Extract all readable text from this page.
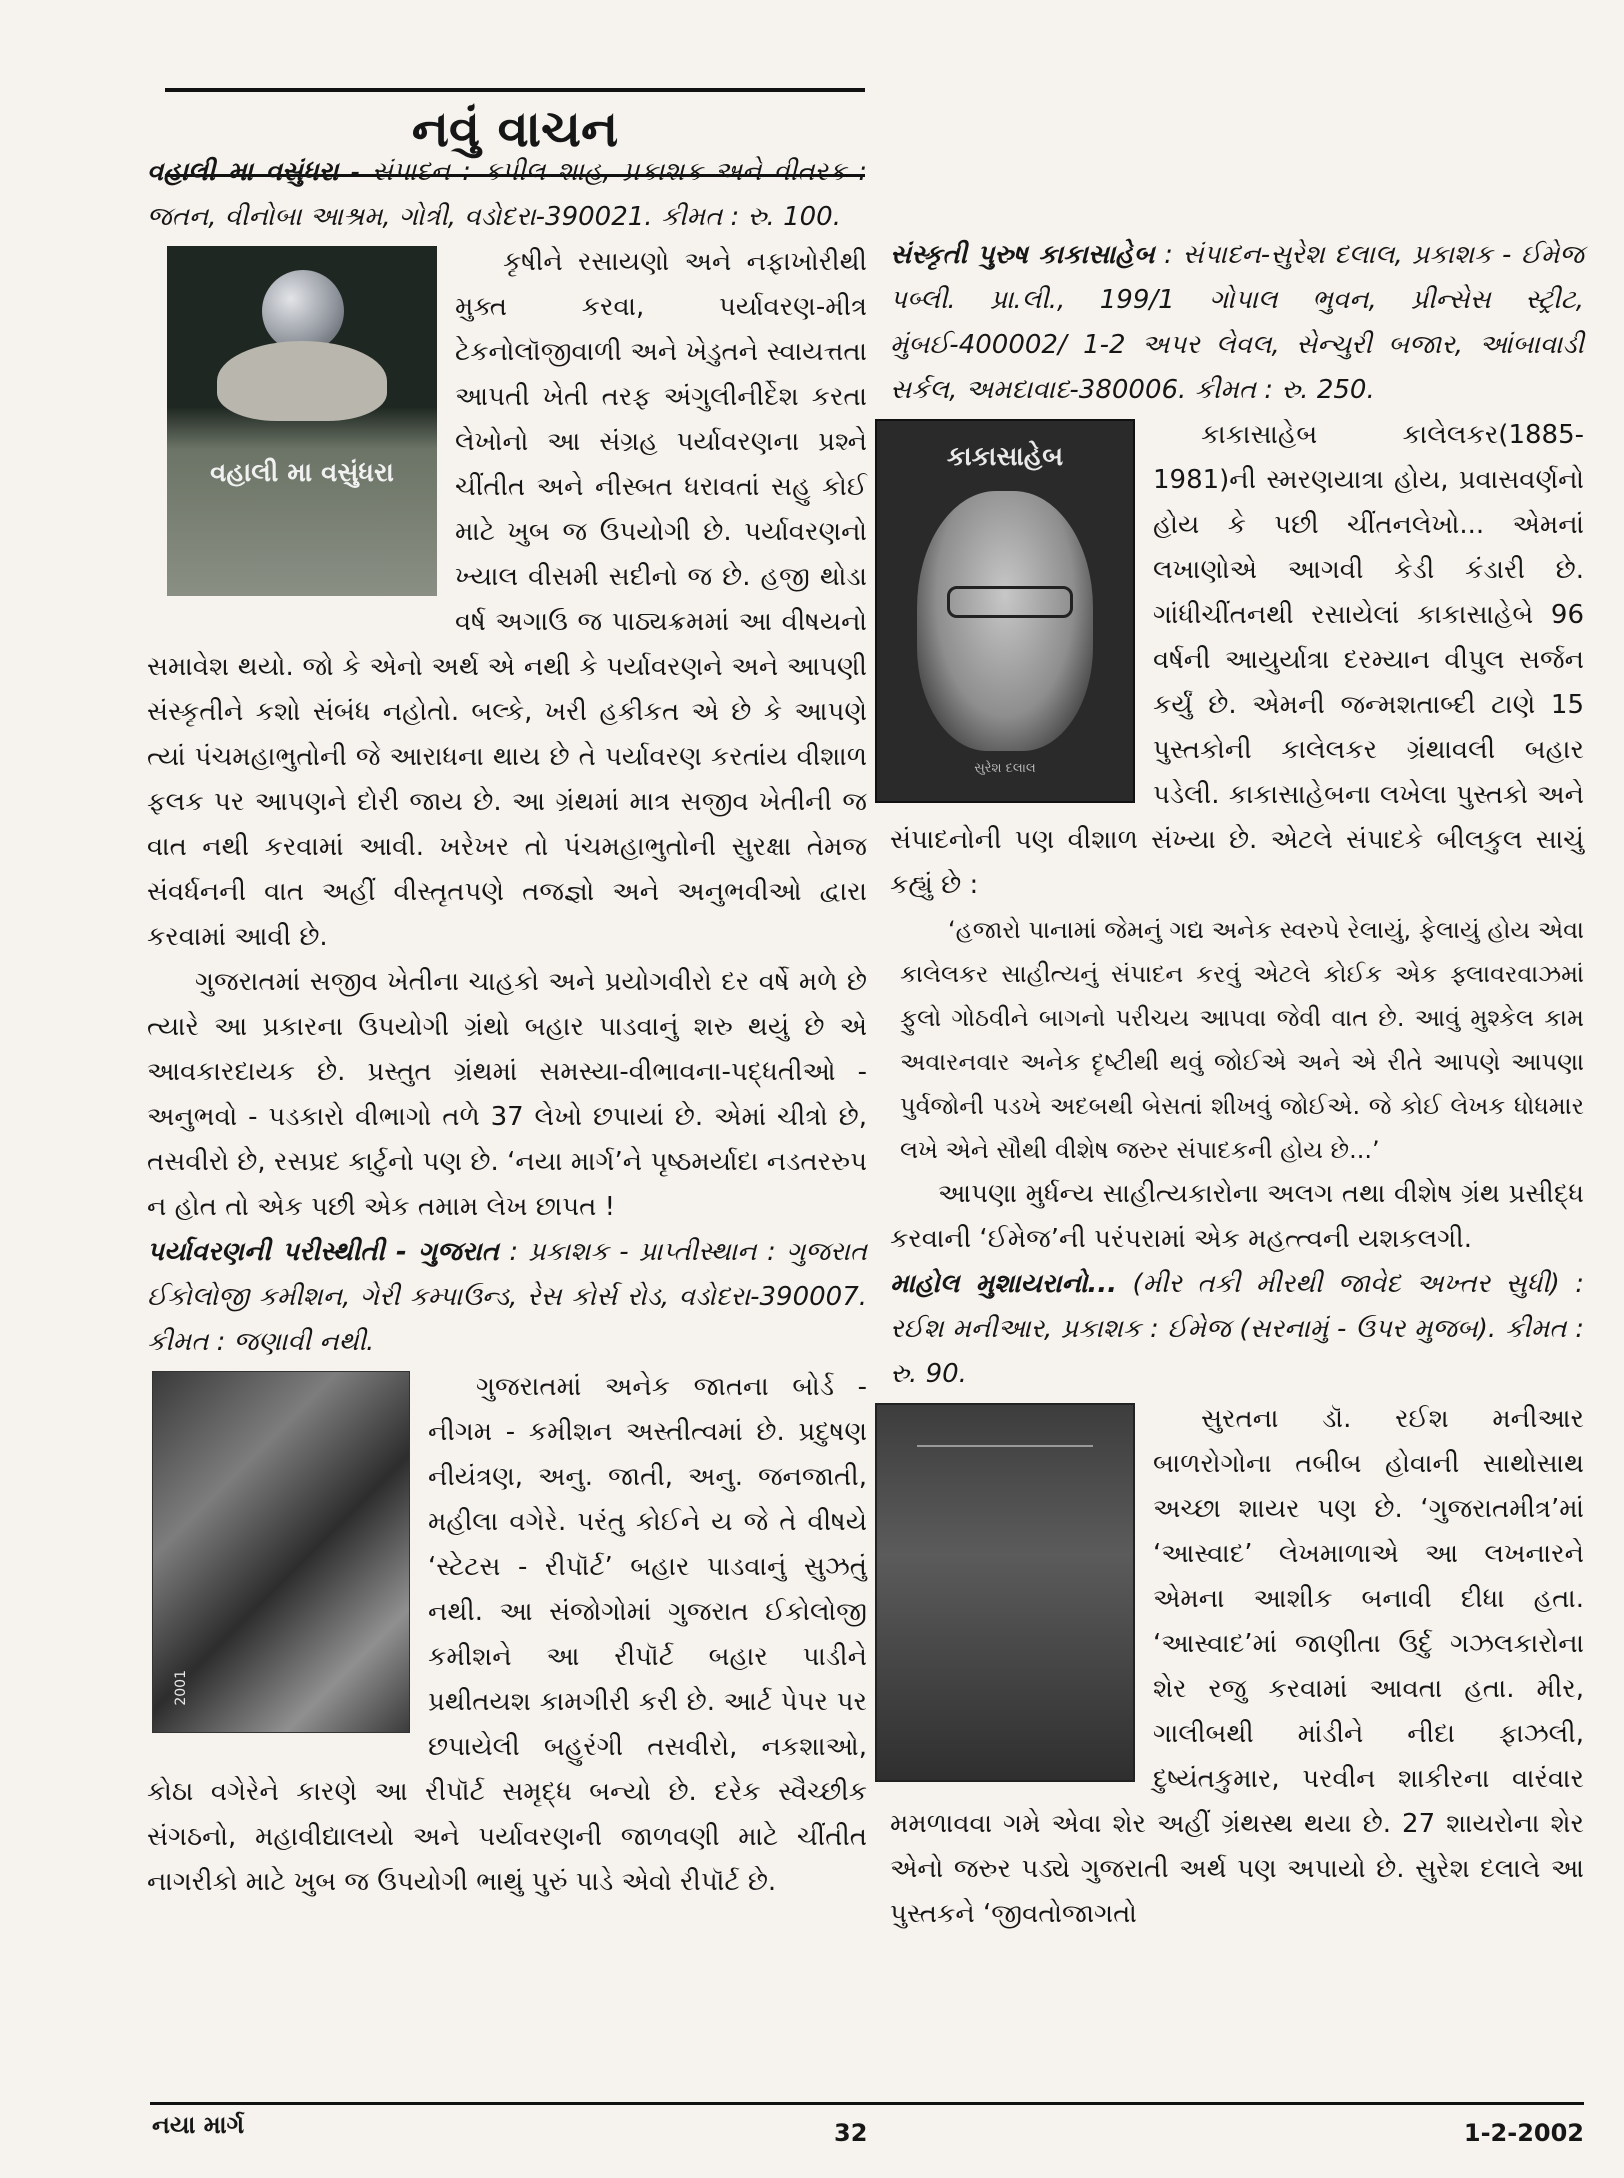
નવું વાચન

વહાલી મા વસુંધરા - સંપાદન : કપીલ શાહ, પ્રકાશક અને વીતરક : જતન, વીનોબા આશ્રમ, ગોત્રી, વડોદરા-390021. કીમત : રુ. 100.

વહાલી મા વસુંધરા

કૃષીને રસાયણો અને નફાખોરીથી મુક્ત કરવા, પર્યાવરણ-મીત્ર ટેકનોલૉજીવાળી અને ખેડુતને સ્વાયત્તતા આપતી ખેતી તરફ અંગુલીનીર્દેશ કરતા લેખોનો આ સંગ્રહ પર્યાવરણના પ્રશ્ને ચીંતીત અને નીસ્બત ધરાવતાં સહુ કોઈ માટે ખુબ જ ઉપયોગી છે. પર્યાવરણનો ખ્યાલ વીસમી સદીનો જ છે. હજી થોડા વર્ષ અગાઉ જ પાઠ્યક્રમમાં આ વીષયનો સમાવેશ થયો. જો કે એનો અર્થ એ નથી કે પર્યાવરણને અને આપણી સંસ્કૃતીને કશો સંબંધ નહોતો. બલ્કે, ખરી હકીકત એ છે કે આપણે ત્યાં પંચમહાભુતોની જે આરાધના થાય છે તે પર્યાવરણ કરતાંય વીશાળ ફલક પર આપણને દોરી જાય છે. આ ગ્રંથમાં માત્ર સજીવ ખેતીની જ વાત નથી કરવામાં આવી. ખરેખર તો પંચમહાભુતોની સુરક્ષા તેમજ સંવર્ધનની વાત અહીં વીસ્તૃતપણે તજજ્ઞો અને અનુભવીઓ દ્વારા કરવામાં આવી છે.

ગુજરાતમાં સજીવ ખેતીના ચાહકો અને પ્રયોગવીરો દર વર્ષે મળે છે ત્યારે આ પ્રકારના ઉપયોગી ગ્રંથો બહાર પાડવાનું શરુ થયું છે એ આવકારદાયક છે. પ્રસ્તુત ગ્રંથમાં સમસ્યા-વીભાવના-પદ્ધતીઓ - અનુભવો - પડકારો વીભાગો તળે 37 લેખો છપાયાં છે. એમાં ચીત્રો છે, તસવીરો છે, રસપ્રદ કાર્ટુનો પણ છે. ‘નયા માર્ગ’ને પૃષ્ઠમર્યાદા નડતરરુપ ન હોત તો એક પછી એક તમામ લેખ છાપત !

પર્યાવરણની પરીસ્થીતી - ગુજરાત : પ્રકાશક - પ્રાપ્તીસ્થાન : ગુજરાત ઈકોલોજી કમીશન, ગેરી કમ્પાઉન્ડ, રેસ કોર્સ રોડ, વડોદરા-390007. કીમત : જણાવી નથી.

2001

ગુજરાતમાં અનેક જાતના બોર્ડ - નીગમ - કમીશન અસ્તીત્વમાં છે. પ્રદુષણ નીયંત્રણ, અનુ. જાતી, અનુ. જનજાતી, મહીલા વગેરે. પરંતુ કોઈને ય જે તે વીષયે ‘સ્ટેટસ - રીપૉર્ટ’ બહાર પાડવાનું સુઝતું નથી. આ સંજોગોમાં ગુજરાત ઈકોલોજી કમીશને આ રીપૉર્ટ બહાર પાડીને પ્રથીતયશ કામગીરી કરી છે. આર્ટ પેપર પર છપાયેલી બહુરંગી તસવીરો, નકશાઓ, કોઠા વગેરેને કારણે આ રીપૉર્ટ સમૃદ્ધ બન્યો છે. દરેક સ્વૈચ્છીક સંગઠનો, મહાવીદ્યાલયો અને પર્યાવરણની જાળવણી માટે ચીંતીત નાગરીકો માટે ખુબ જ ઉપયોગી ભાથું પુરું પાડે એવો રીપૉર્ટ છે.

સંસ્કૃતી પુરુષ કાકાસાહેબ : સંપાદન-સુરેશ દલાલ, પ્રકાશક - ઈમેજ પબ્લી. પ્રા.લી., 199/1 ગોપાલ ભુવન, પ્રીન્સેસ સ્ટ્રીટ, મુંબઈ-400002/ 1-2 અપર લેવલ, સેન્ચુરી બજાર, આંબાવાડી સર્કલ, અમદાવાદ-380006. કીમત : રુ. 250.

કાકાસાહેબ
સુરેશ દલાલ

કાકાસાહેબ કાલેલકર(1885-1981)ની સ્મરણયાત્રા હોય, પ્રવાસવર્ણનો હોય કે પછી ચીંતનલેખો... એમનાં લખાણોએ આગવી કેડી કંડારી છે. ગાંધીચીંતનથી રસાયેલાં કાકાસાહેબે 96 વર્ષની આયુર્યાત્રા દરમ્યાન વીપુલ સર્જન કર્યું છે. એમની જન્મશતાબ્દી ટાણે 15 પુસ્તકોની કાલેલકર ગ્રંથાવલી બહાર પડેલી. કાકાસાહેબના લખેલા પુસ્તકો અને સંપાદનોની પણ વીશાળ સંખ્યા છે. એટલે સંપાદકે બીલકુલ સાચું કહ્યું છે :

‘હજારો પાનામાં જેમનું ગદ્ય અનેક સ્વરુપે રેલાયું, ફેલાયું હોય એવા કાલેલકર સાહીત્યનું સંપાદન કરવું એટલે કોઈક એક ફ્લાવરવાઝમાં ફુલો ગોઠવીને બાગનો પરીચય આપવા જેવી વાત છે. આવું મુશ્કેલ કામ અવારનવાર અનેક દૃષ્ટીથી થવું જોઈએ અને એ રીતે આપણે આપણા પુર્વજોની પડખે અદબથી બેસતાં શીખવું જોઈએ. જે કોઈ લેખક ધોધમાર લખે એને સૌથી વીશેષ જરુર સંપાદકની હોય છે...’

આપણા મુર્ધન્ય સાહીત્યકારોના અલગ તથા વીશેષ ગ્રંથ પ્રસીદ્ધ કરવાની ‘ઈમેજ’ની પરંપરામાં એક મહત્ત્વની યશકલગી.

માહોલ મુશાયરાનો... (મીર તકી મીરથી જાવેદ અખ્તર સુધી) : રઈશ મનીઆર, પ્રકાશક : ઈમેજ (સરનામું - ઉપર મુજબ). કીમત : રુ. 90.

સુરતના ડૉ. રઈશ મનીઆર બાળરોગોના તબીબ હોવાની સાથોસાથ અચ્છા શાયર પણ છે. ‘ગુજરાતમીત્ર’માં ‘આસ્વાદ’ લેખમાળાએ આ લખનારને એમના આશીક બનાવી દીધા હતા. ‘આસ્વાદ’માં જાણીતા ઉર્દુ ગઝલકારોના શેર રજુ કરવામાં આવતા હતા. મીર, ગાલીબથી માંડીને નીદા ફાઝલી, દુષ્યંતકુમાર, પરવીન શાકીરના વારંવાર મમળાવવા ગમે એવા શેર અહીં ગ્રંથસ્થ થયા છે. 27 શાયરોના શેર એનો જરુર પડ્યે ગુજરાતી અર્થ પણ અપાયો છે. સુરેશ દલાલે આ પુસ્તકને ‘જીવતોજાગતો

નયા માર્ગ	32	1-2-2002
